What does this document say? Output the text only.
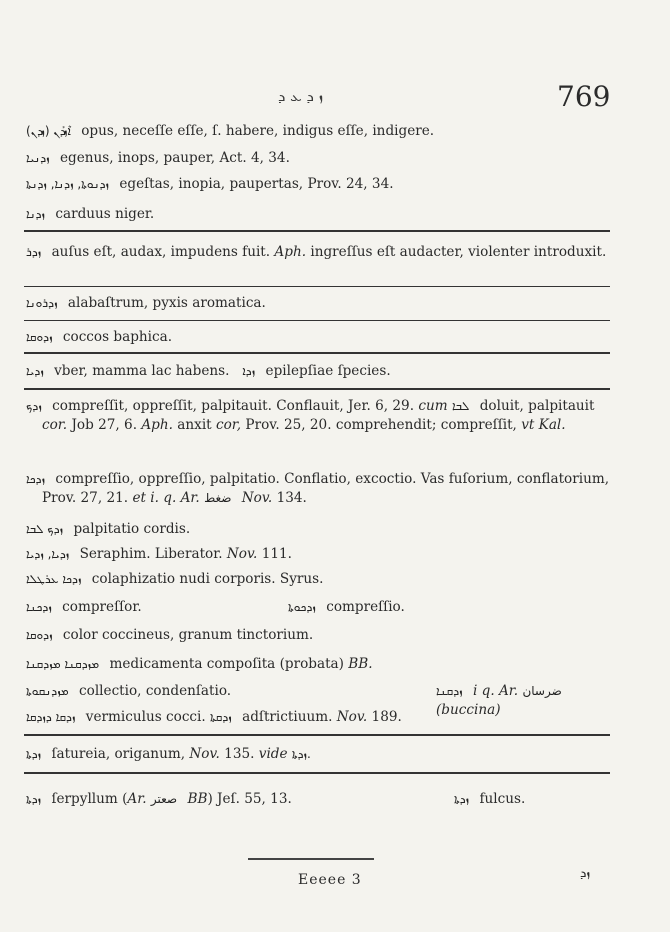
ܙ ܕ ܥ ܕ	769
(ܙܕܢ) ܐܶܙܕܰܢ opus, neceſſe eſſe, ſ. habere, indigus eſſe, indigere.
ܙܕܢܝܐ egenus, inops, pauper, Act. 4, 34.
ܙܕܢܘܬܐ, ܙܕܢܐ, ܙܕܢܬܐ egeſtas, inopia, paupertas, Prov. 24, 34.
ܙܕܢܐ carduus niger.
ܙܕܪ auſus eſt, audax, impudens fuit. Aph. ingreſſus eſt audacter, violenter introduxit.
ܙܕܪܘܢܐ alabaſtrum, pyxis aromatica.
ܙܕܘܩܐ coccos baphica.
ܙܕܝܐ vber, mamma lac habens. ܙܕܐ epilepſiae ſpecies.
ܙܕܟ compreſſit, oppreſſit, palpitauit. Conflauit, Jer. 6, 29. cum ܠܒܐ doluit, palpitauit cor. Job 27, 6. Aph. anxit cor, Prov. 25, 20. comprehendit; compreſſit, vt Kal.
ܙܕܟܐ compreſſio, oppreſſio, palpitatio. Conflatio, excoctio. Vas fuſorium, conflatorium, Prov. 27, 21. et i. q. Ar. ضغط Nov. 134.
ܙܕܟ ܠܒܐ palpitatio cordis.
ܙܕܝܐ, ܙܕܝܐ Seraphim. Liberator. Nov. 111.
ܙܕܟܐ ܥܪܛܠܐ colaphizatio nudi corporis. Syrus.
ܙܕܟܢܐ compreſſor.	ܙܕܟܘܬܐ compreſſio.
ܙܕܘܩܐ color coccineus, granum tinctorium.
ܡܙܕܩܢܐ ܡܙܕܩܢܐ medicamenta compoſita (probata) BB.
ܡܙܕܢܩܘܬܐ collectio, condenſatio.	ܙܕܩܢܐ i q. Ar. ضرسان (buccina)
ܙܕܩܐ ܕܙܕܩܐ vermiculus cocci. ܙܕܩܬܐ adſtrictiuum. Nov. 189.
ܙܕܬܐ ſatureia, origanum, Nov. 135. vide ܙܕܬܐ.
ܙܕܬܐ ſerpyllum (Ar. صعتر BB) Jeſ. 55, 13.	ܙܕܬܐ fulcus.
Eeeee 3	ܙܕ
